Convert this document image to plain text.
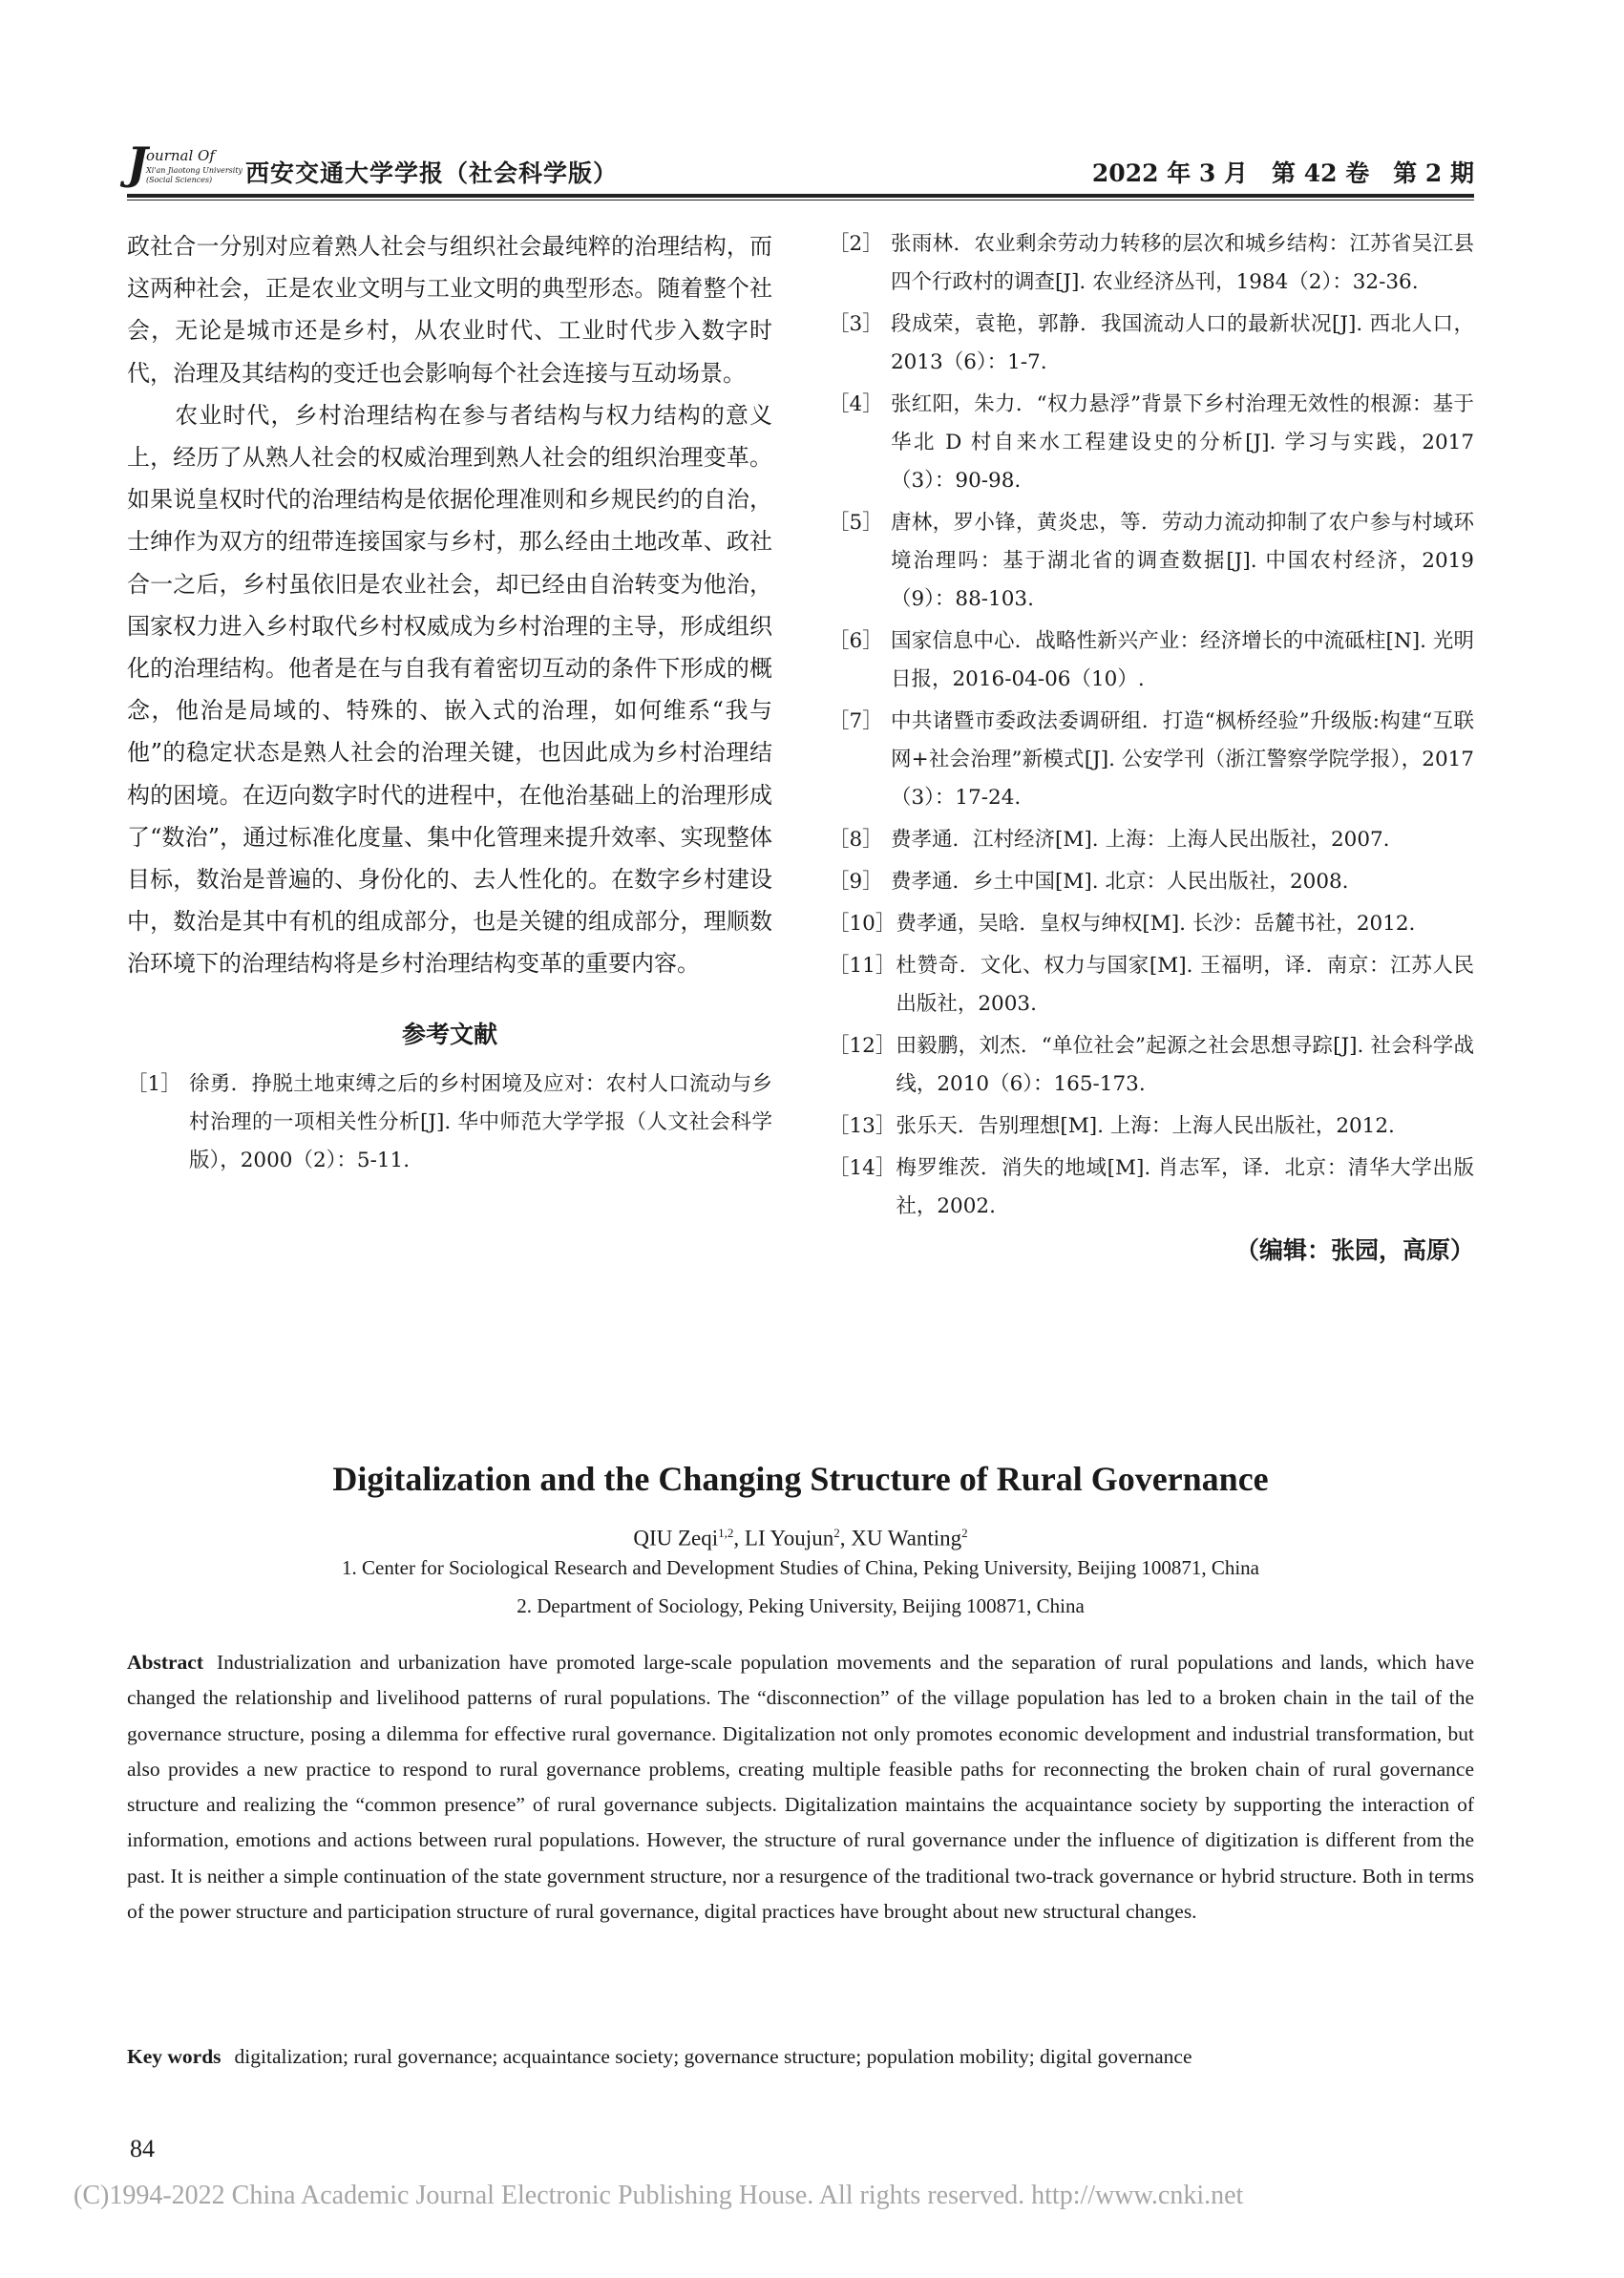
J
ournal Of
Xi'an Jiaotong University
(Social Sciences) 西安交通大学学报（社会科学版）	2022 年 3 月　第 42 卷　第 2 期

政社合一分别对应着熟人社会与组织社会最纯粹的治理结构，而这两种社会，正是农业文明与工业文明的典型形态。随着整个社会，无论是城市还是乡村，从农业时代、工业时代步入数字时代，治理及其结构的变迁也会影响每个社会连接与互动场景。

　　农业时代，乡村治理结构在参与者结构与权力结构的意义上，经历了从熟人社会的权威治理到熟人社会的组织治理变革。如果说皇权时代的治理结构是依据伦理准则和乡规民约的自治，士绅作为双方的纽带连接国家与乡村，那么经由土地改革、政社合一之后，乡村虽依旧是农业社会，却已经由自治转变为他治，国家权力进入乡村取代乡村权威成为乡村治理的主导，形成组织化的治理结构。他者是在与自我有着密切互动的条件下形成的概念，他治是局域的、特殊的、嵌入式的治理，如何维系“我与他”的稳定状态是熟人社会的治理关键，也因此成为乡村治理结构的困境。在迈向数字时代的进程中，在他治基础上的治理形成了“数治”，通过标准化度量、集中化管理来提升效率、实现整体目标，数治是普遍的、身份化的、去人性化的。在数字乡村建设中，数治是其中有机的组成部分，也是关键的组成部分，理顺数治环境下的治理结构将是乡村治理结构变革的重要内容。

参考文献
［1］ 徐勇．挣脱土地束缚之后的乡村困境及应对：农村人口流动与乡村治理的一项相关性分析[J]. 华中师范大学学报（人文社会科学版），2000（2）：5-11.
［2］ 张雨林．农业剩余劳动力转移的层次和城乡结构：江苏省吴江县四个行政村的调查[J]. 农业经济丛刊，1984（2）：32-36.
［3］ 段成荣，袁艳，郭静．我国流动人口的最新状况[J]. 西北人口，2013（6）：1-7.
［4］ 张红阳，朱力．“权力悬浮”背景下乡村治理无效性的根源：基于华北 D 村自来水工程建设史的分析[J]. 学习与实践，2017（3）：90-98.
［5］ 唐林，罗小锋，黄炎忠，等．劳动力流动抑制了农户参与村域环境治理吗：基于湖北省的调查数据[J]. 中国农村经济，2019（9）：88-103.
［6］ 国家信息中心．战略性新兴产业：经济增长的中流砥柱[N]. 光明日报，2016-04-06（10）.
［7］ 中共诸暨市委政法委调研组．打造“枫桥经验”升级版:构建“互联网+社会治理”新模式[J]. 公安学刊（浙江警察学院学报），2017（3）：17-24.
［8］ 费孝通．江村经济[M]. 上海：上海人民出版社，2007.
［9］ 费孝通．乡土中国[M]. 北京：人民出版社，2008.
［10］ 费孝通，吴晗．皇权与绅权[M]. 长沙：岳麓书社，2012.
［11］ 杜赞奇．文化、权力与国家[M]. 王福明，译．南京：江苏人民出版社，2003.
［12］ 田毅鹏，刘杰．“单位社会”起源之社会思想寻踪[J]. 社会科学战线，2010（6）：165-173.
［13］ 张乐天．告别理想[M]. 上海：上海人民出版社，2012.
［14］ 梅罗维茨．消失的地域[M]. 肖志军，译．北京：清华大学出版社，2002.
（编辑：张园，高原）
Digitalization and the Changing Structure of Rural Governance
QIU Zeqi$^{1,2}$, LI Youjun$^2$, XU Wanting$^2$
1. Center for Sociological Research and Development Studies of China, Peking University, Beijing 100871, China
2. Department of Sociology, Peking University, Beijing 100871, China
Abstract Industrialization and urbanization have promoted large-scale population movements and the separation of rural populations and lands, which have changed the relationship and livelihood patterns of rural populations. The “disconnection” of the village population has led to a broken chain in the tail of the governance structure, posing a dilemma for effective rural governance. Digitalization not only promotes economic development and industrial transformation, but also provides a new practice to respond to rural governance problems, creating multiple feasible paths for reconnecting the broken chain of rural governance structure and realizing the “common presence” of rural governance subjects. Digitalization maintains the acquaintance society by supporting the interaction of information, emotions and actions between rural populations. However, the structure of rural governance under the influence of digitization is different from the past. It is neither a simple continuation of the state government structure, nor a resurgence of the traditional two-track governance or hybrid structure. Both in terms of the power structure and participation structure of rural governance, digital practices have brought about new structural changes.
Key words digitalization; rural governance; acquaintance society; governance structure; population mobility; digital governance
84
(C)1994-2022 China Academic Journal Electronic Publishing House. All rights reserved. http://www.cnki.net
